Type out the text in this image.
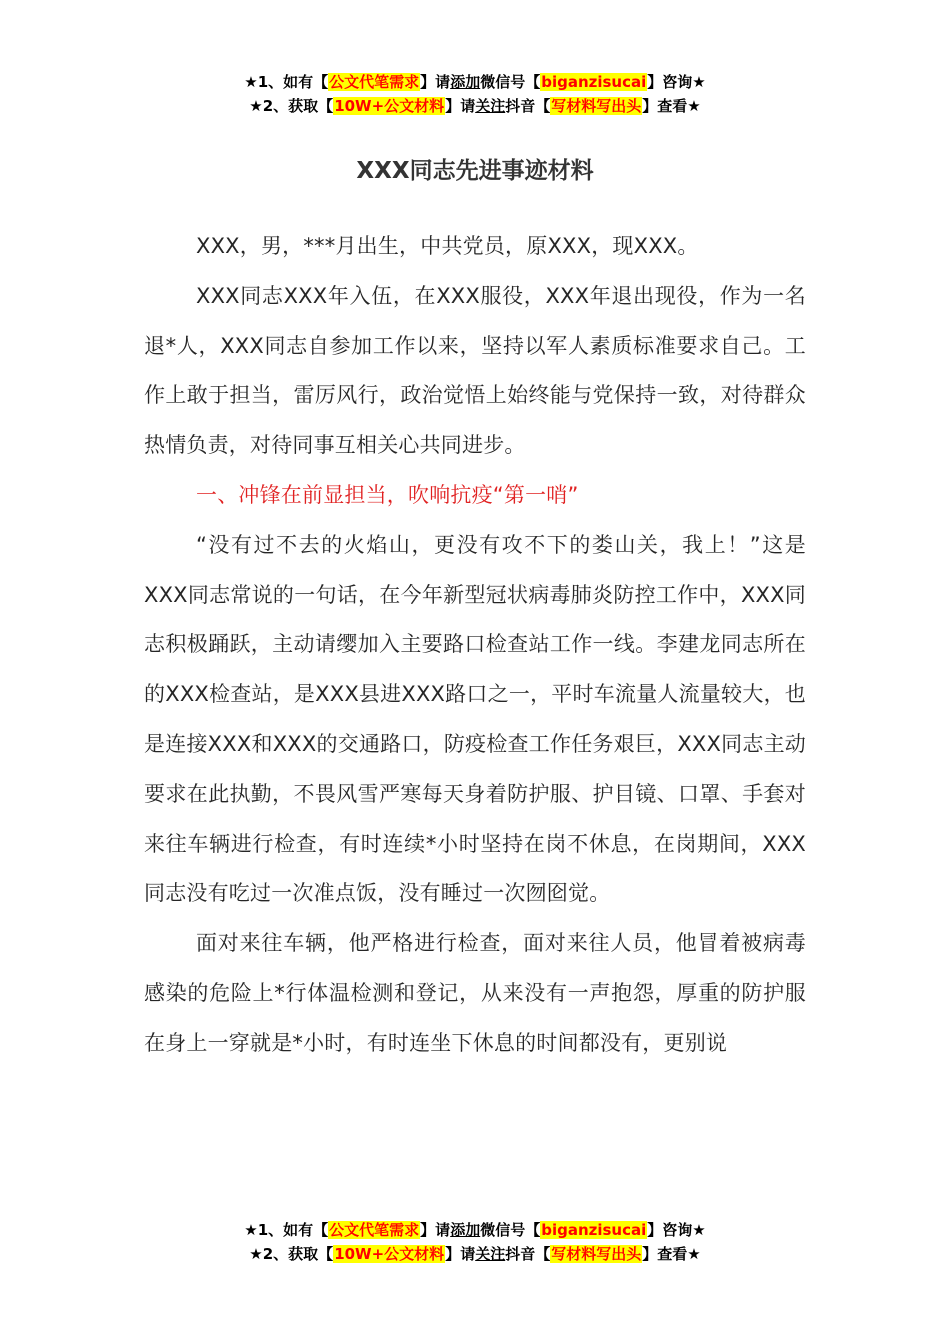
★1、如有【公文代笔需求】请添加微信号【biganzisucai】咨询★
★2、获取【10W+公文材料】请关注抖音【写材料写出头】查看★
XXX同志先进事迹材料

XXX，男，***月出生，中共党员，原XXX，现XXX。

XXX同志XXX年入伍，在XXX服役，XXX年退出现役，作为一名退*人，XXX同志自参加工作以来，坚持以军人素质标准要求自己。工作上敢于担当，雷厉风行，政治觉悟上始终能与党保持一致，对待群众热情负责，对待同事互相关心共同进步。

一、冲锋在前显担当，吹响抗疫“第一哨”

“没有过不去的火焰山，更没有攻不下的娄山关，我上！”这是XXX同志常说的一句话，在今年新型冠状病毒肺炎防控工作中，XXX同志积极踊跃，主动请缨加入主要路口检查站工作一线。李建龙同志所在的XXX检查站，是XXX县进XXX路口之一，平时车流量人流量较大，也是连接XXX和XXX的交通路口，防疫检查工作任务艰巨，XXX同志主动要求在此执勤，不畏风雪严寒每天身着防护服、护目镜、口罩、手套对来往车辆进行检查，有时连续*小时坚持在岗不休息，在岗期间，XXX同志没有吃过一次准点饭，没有睡过一次囫囵觉。

面对来往车辆，他严格进行检查，面对来往人员，他冒着被病毒感染的危险上*行体温检测和登记，从来没有一声抱怨，厚重的防护服在身上一穿就是*小时，有时连坐下休息的时间都没有，更别说

★1、如有【公文代笔需求】请添加微信号【biganzisucai】咨询★
★2、获取【10W+公文材料】请关注抖音【写材料写出头】查看★
